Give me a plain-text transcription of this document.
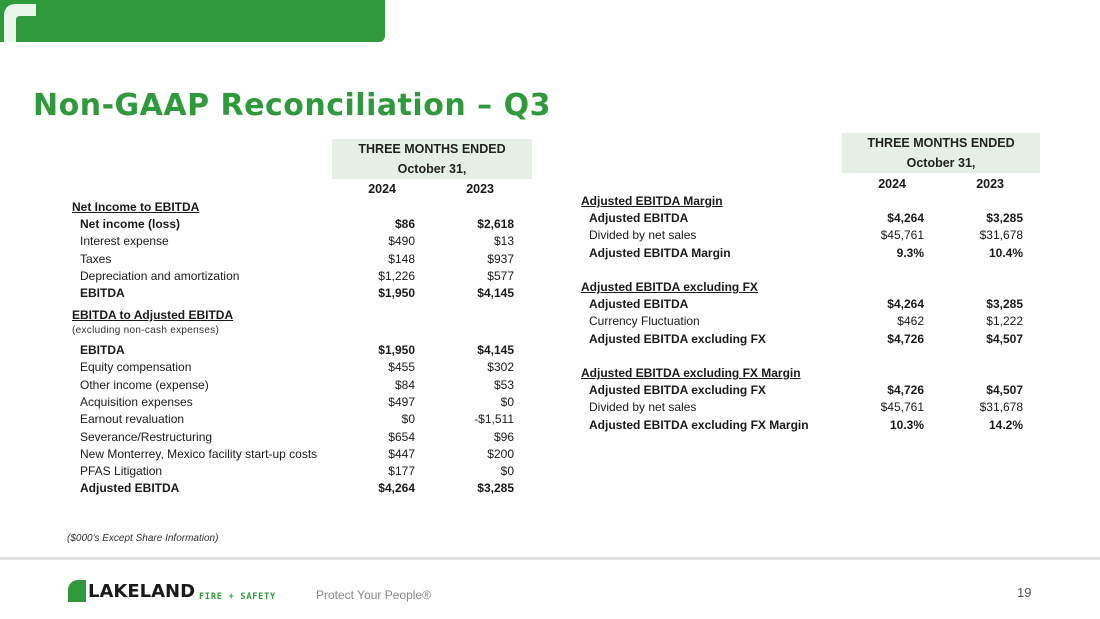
Non-GAAP Reconciliation – Q3
THREE MONTHS ENDED
October 31,
2024	2023
Net Income to EBITDA
Net income (loss)	$86	$2,618
Interest expense	$490	$13
Taxes	$148	$937
Depreciation and amortization	$1,226	$577
EBITDA	$1,950	$4,145
EBITDA to Adjusted EBITDA
(excluding non-cash expenses)
EBITDA	$1,950	$4,145
Equity compensation	$455	$302
Other income (expense)	$84	$53
Acquisition expenses	$497	$0
Earnout revaluation	$0	-$1,511
Severance/Restructuring	$654	$96
New Monterrey, Mexico facility start-up costs	$447	$200
PFAS Litigation	$177	$0
Adjusted EBITDA	$4,264	$3,285
($000's Except Share Information)
THREE MONTHS ENDED
October 31,
2024	2023
Adjusted EBITDA Margin
Adjusted EBITDA	$4,264	$3,285
Divided by net sales	$45,761	$31,678
Adjusted EBITDA Margin	9.3%	10.4%
Adjusted EBITDA excluding FX
Adjusted EBITDA	$4,264	$3,285
Currency Fluctuation	$462	$1,222
Adjusted EBITDA excluding FX	$4,726	$4,507
Adjusted EBITDA excluding FX Margin
Adjusted EBITDA excluding FX	$4,726	$4,507
Divided by net sales	$45,761	$31,678
Adjusted EBITDA excluding FX Margin	10.3%	14.2%
LAKELAND FIRE + SAFETY	Protect Your People®	19
